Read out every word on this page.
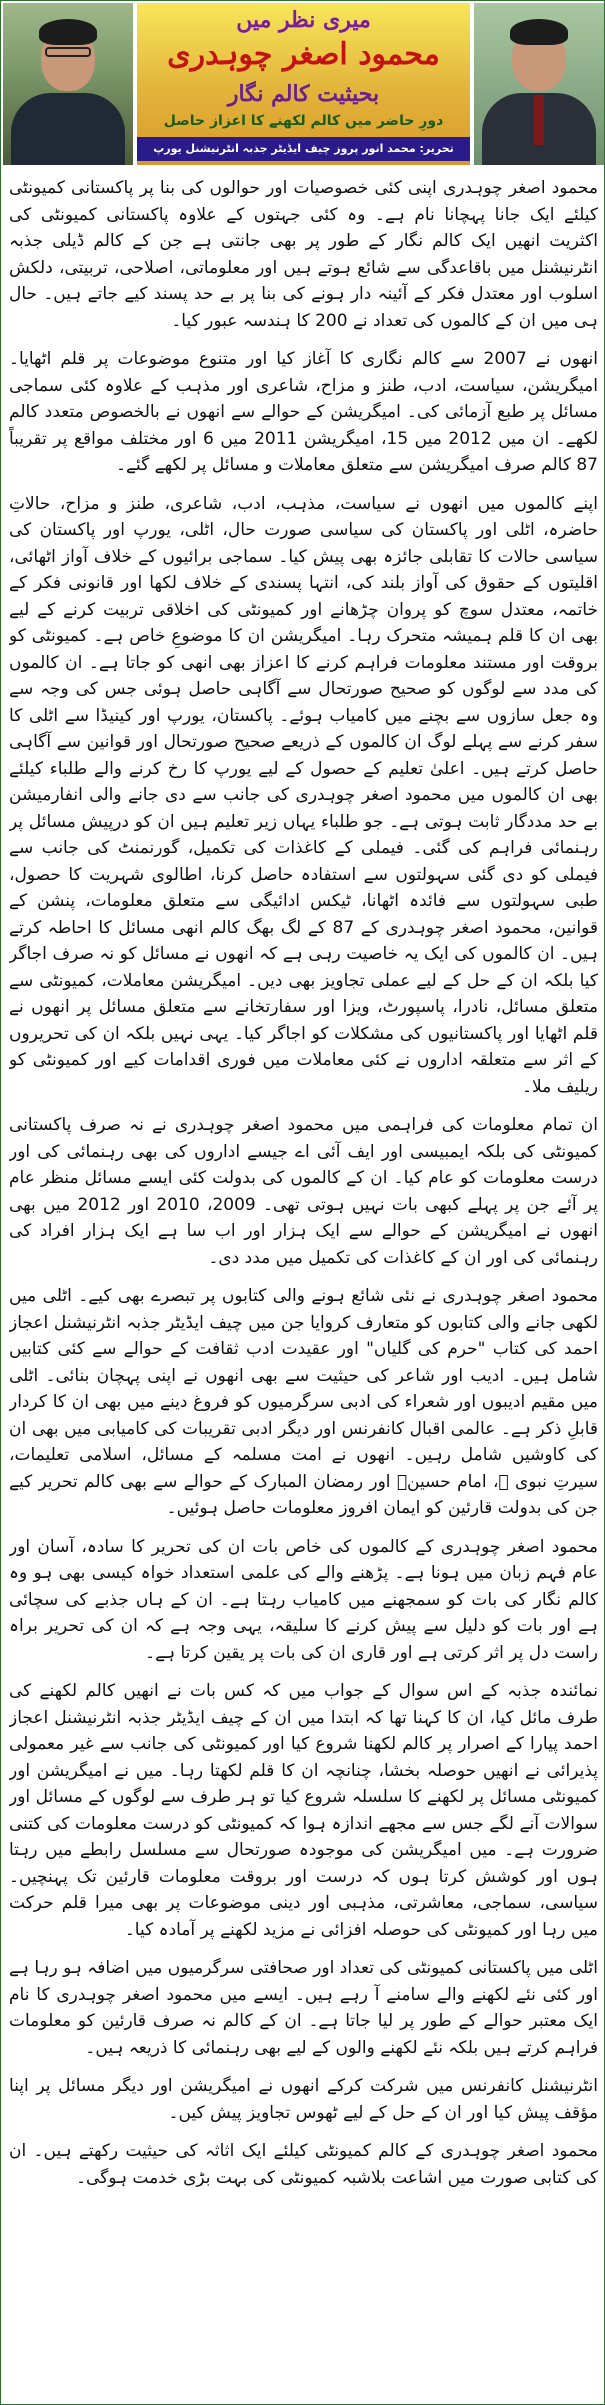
میری نظر میں
محمود اصغر چوہدری
بحیثیت کالم نگار
دورِ حاضر میں کالم لکھنے کا اعزاز حاصل
تحریر: محمد انور پروز چیف ایڈیٹر جذبہ انٹرنیشنل یورپ

محمود اصغر چوہدری اپنی کئی خصوصیات اور حوالوں کی بنا پر پاکستانی کمیونٹی کیلئے ایک جانا پہچانا نام ہے۔ وہ کئی جہتوں کے علاوہ پاکستانی کمیونٹی کی اکثریت انھیں ایک کالم نگار کے طور پر بھی جانتی ہے جن کے کالم ڈیلی جذبہ انٹرنیشنل میں باقاعدگی سے شائع ہوتے ہیں اور معلوماتی، اصلاحی، تربیتی، دلکش اسلوب اور معتدل فکر کے آئینہ دار ہونے کی بنا پر بے حد پسند کیے جاتے ہیں۔ حال ہی میں ان کے کالموں کی تعداد نے 200 کا ہندسہ عبور کیا۔

انھوں نے 2007 سے کالم نگاری کا آغاز کیا اور متنوع موضوعات پر قلم اٹھایا۔ امیگریشن، سیاست، ادب، طنز و مزاح، شاعری اور مذہب کے علاوہ کئی سماجی مسائل پر طبع آزمائی کی۔ امیگریشن کے حوالے سے انھوں نے بالخصوص متعدد کالم لکھے۔ ان میں 2012 میں 15، امیگریشن 2011 میں 6 اور مختلف مواقع پر تقریباً 87 کالم صرف امیگریشن سے متعلق معاملات و مسائل پر لکھے گئے۔

اپنے کالموں میں انھوں نے سیاست، مذہب، ادب، شاعری، طنز و مزاح، حالاتِ حاضرہ، اٹلی اور پاکستان کی سیاسی صورت حال، اٹلی، یورپ اور پاکستان کی سیاسی حالات کا تقابلی جائزہ بھی پیش کیا۔ سماجی برائیوں کے خلاف آواز اٹھائی، اقلیتوں کے حقوق کی آواز بلند کی، انتہا پسندی کے خلاف لکھا اور قانونی فکر کے خاتمہ، معتدل سوچ کو پروان چڑھانے اور کمیونٹی کی اخلاقی تربیت کرنے کے لیے بھی ان کا قلم ہمیشہ متحرک رہا۔ امیگریشن ان کا موضوعِ خاص ہے۔ کمیونٹی کو بروقت اور مستند معلومات فراہم کرنے کا اعزاز بھی انھی کو جاتا ہے۔ ان کالموں کی مدد سے لوگوں کو صحیح صورتحال سے آگاہی حاصل ہوئی جس کی وجہ سے وہ جعل سازوں سے بچنے میں کامیاب ہوئے۔ پاکستان، یورپ اور کینیڈا سے اٹلی کا سفر کرنے سے پہلے لوگ ان کالموں کے ذریعے صحیح صورتحال اور قوانین سے آگاہی حاصل کرتے ہیں۔ اعلیٰ تعلیم کے حصول کے لیے یورپ کا رخ کرنے والے طلباء کیلئے بھی ان کالموں میں محمود اصغر چوہدری کی جانب سے دی جانے والی انفارمیشن بے حد مددگار ثابت ہوتی ہے۔ جو طلباء یہاں زیر تعلیم ہیں ان کو درپیش مسائل پر رہنمائی فراہم کی گئی۔ فیملی کے کاغذات کی تکمیل، گورنمنٹ کی جانب سے فیملی کو دی گئی سہولتوں سے استفادہ حاصل کرنا، اطالوی شہریت کا حصول، طبی سہولتوں سے فائدہ اٹھانا، ٹیکس ادائیگی سے متعلق معلومات، پنشن کے قوانین، محمود اصغر چوہدری کے 87 کے لگ بھگ کالم انھی مسائل کا احاطہ کرتے ہیں۔ ان کالموں کی ایک یہ خاصیت رہی ہے کہ انھوں نے مسائل کو نہ صرف اجاگر کیا بلکہ ان کے حل کے لیے عملی تجاویز بھی دیں۔ امیگریشن معاملات، کمیونٹی سے متعلق مسائل، نادرا، پاسپورٹ، ویزا اور سفارتخانے سے متعلق مسائل پر انھوں نے قلم اٹھایا اور پاکستانیوں کی مشکلات کو اجاگر کیا۔ یہی نہیں بلکہ ان کی تحریروں کے اثر سے متعلقہ اداروں نے کئی معاملات میں فوری اقدامات کیے اور کمیونٹی کو ریلیف ملا۔

ان تمام معلومات کی فراہمی میں محمود اصغر چوہدری نے نہ صرف پاکستانی کمیونٹی کی بلکہ ایمبیسی اور ایف آئی اے جیسے اداروں کی بھی رہنمائی کی اور درست معلومات کو عام کیا۔ ان کے کالموں کی بدولت کئی ایسے مسائل منظر عام پر آئے جن پر پہلے کبھی بات نہیں ہوتی تھی۔ 2009، 2010 اور 2012 میں بھی انھوں نے امیگریشن کے حوالے سے ایک ہزار اور اب سا ہے ایک ہزار افراد کی رہنمائی کی اور ان کے کاغذات کی تکمیل میں مدد دی۔

محمود اصغر چوہدری نے نئی شائع ہونے والی کتابوں پر تبصرے بھی کیے۔ اٹلی میں لکھی جانے والی کتابوں کو متعارف کروایا جن میں چیف ایڈیٹر جذبہ انٹرنیشنل اعجاز احمد کی کتاب "حرم کی گلیاں" اور عقیدت ادب ثقافت کے حوالے سے کئی کتابیں شامل ہیں۔ ادیب اور شاعر کی حیثیت سے بھی انھوں نے اپنی پہچان بنائی۔ اٹلی میں مقیم ادیبوں اور شعراء کی ادبی سرگرمیوں کو فروغ دینے میں بھی ان کا کردار قابلِ ذکر ہے۔ عالمی اقبال کانفرنس اور دیگر ادبی تقریبات کی کامیابی میں بھی ان کی کاوشیں شامل رہیں۔ انھوں نے امت مسلمہ کے مسائل، اسلامی تعلیمات، سیرتِ نبوی ﷺ، امام حسینؓ اور رمضان المبارک کے حوالے سے بھی کالم تحریر کیے جن کی بدولت قارئین کو ایمان افروز معلومات حاصل ہوئیں۔

محمود اصغر چوہدری کے کالموں کی خاص بات ان کی تحریر کا سادہ، آسان اور عام فہم زبان میں ہونا ہے۔ پڑھنے والے کی علمی استعداد خواہ کیسی بھی ہو وہ کالم نگار کی بات کو سمجھنے میں کامیاب رہتا ہے۔ ان کے ہاں جذبے کی سچائی ہے اور بات کو دلیل سے پیش کرنے کا سلیقہ، یہی وجہ ہے کہ ان کی تحریر براہ راست دل پر اثر کرتی ہے اور قاری ان کی بات پر یقین کرتا ہے۔

نمائندہ جذبہ کے اس سوال کے جواب میں کہ کس بات نے انھیں کالم لکھنے کی طرف مائل کیا، ان کا کہنا تھا کہ ابتدا میں ان کے چیف ایڈیٹر جذبہ انٹرنیشنل اعجاز احمد پیارا کے اصرار پر کالم لکھنا شروع کیا اور کمیونٹی کی جانب سے غیر معمولی پذیرائی نے انھیں حوصلہ بخشا، چنانچہ ان کا قلم لکھتا رہا۔ میں نے امیگریشن اور کمیونٹی مسائل پر لکھنے کا سلسلہ شروع کیا تو ہر طرف سے لوگوں کے مسائل اور سوالات آنے لگے جس سے مجھے اندازہ ہوا کہ کمیونٹی کو درست معلومات کی کتنی ضرورت ہے۔ میں امیگریشن کی موجودہ صورتحال سے مسلسل رابطے میں رہتا ہوں اور کوشش کرتا ہوں کہ درست اور بروقت معلومات قارئین تک پہنچیں۔ سیاسی، سماجی، معاشرتی، مذہبی اور دینی موضوعات پر بھی میرا قلم حرکت میں رہا اور کمیونٹی کی حوصلہ افزائی نے مزید لکھنے پر آمادہ کیا۔

اٹلی میں پاکستانی کمیونٹی کی تعداد اور صحافتی سرگرمیوں میں اضافہ ہو رہا ہے اور کئی نئے لکھنے والے سامنے آ رہے ہیں۔ ایسے میں محمود اصغر چوہدری کا نام ایک معتبر حوالے کے طور پر لیا جاتا ہے۔ ان کے کالم نہ صرف قارئین کو معلومات فراہم کرتے ہیں بلکہ نئے لکھنے والوں کے لیے بھی رہنمائی کا ذریعہ ہیں۔

انٹرنیشنل کانفرنس میں شرکت کرکے انھوں نے امیگریشن اور دیگر مسائل پر اپنا مؤقف پیش کیا اور ان کے حل کے لیے ٹھوس تجاویز پیش کیں۔

محمود اصغر چوہدری کے کالم کمیونٹی کیلئے ایک اثاثہ کی حیثیت رکھتے ہیں۔ ان کی کتابی صورت میں اشاعت بلاشبہ کمیونٹی کی بہت بڑی خدمت ہوگی۔
